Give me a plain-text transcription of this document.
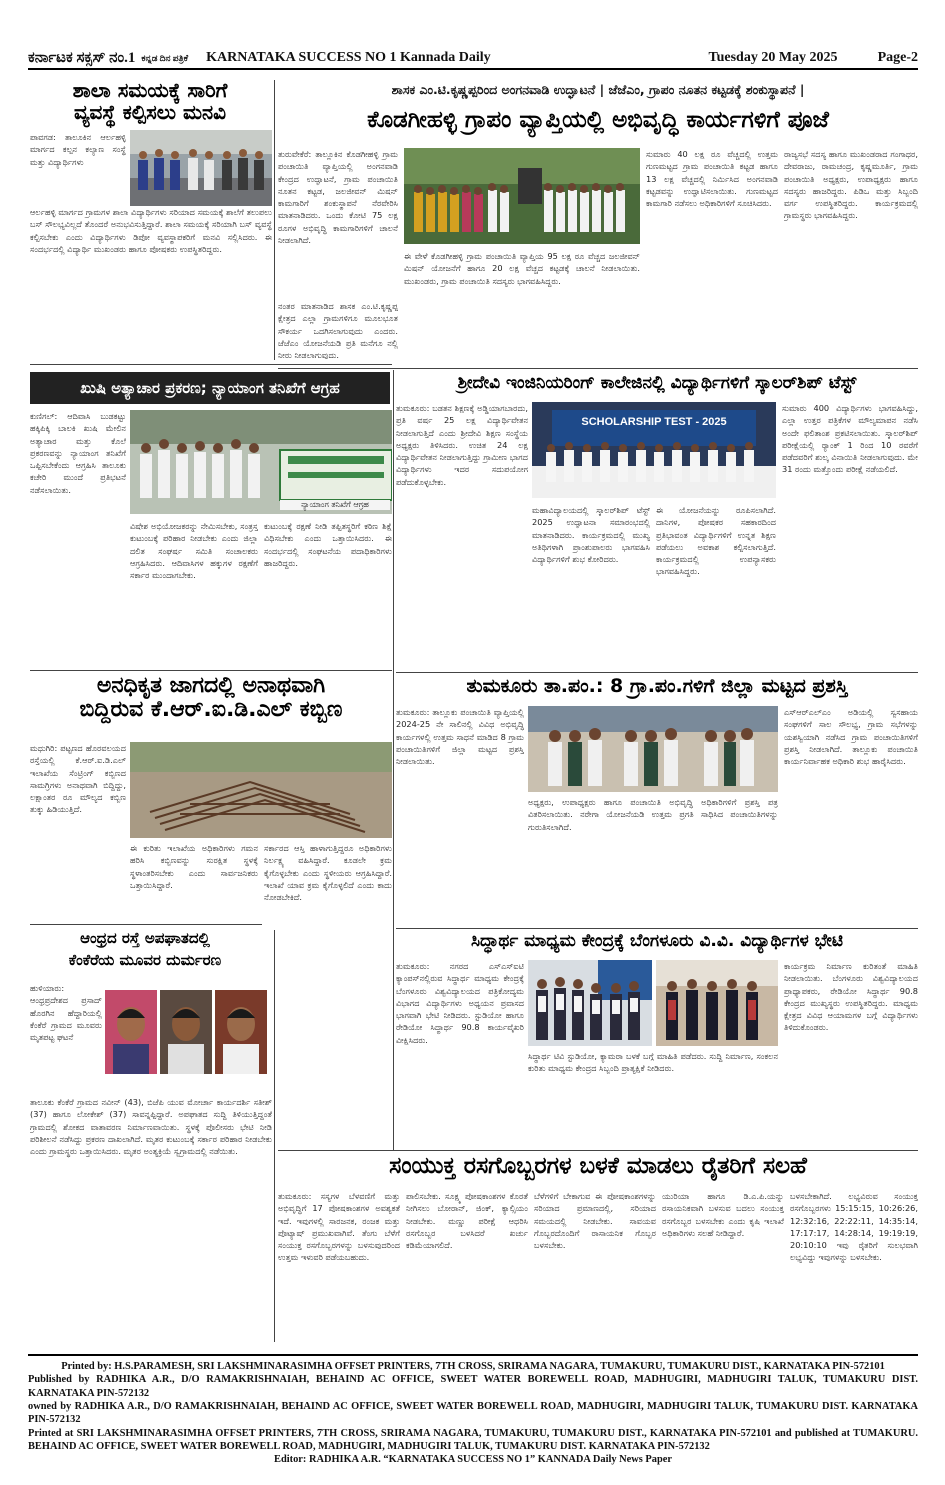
ಕರ್ನಾಟಕ ಸಕ್ಸಸ್ ನಂ.1 ಕನ್ನಡ ದಿನ ಪತ್ರಿಕೆ KARNATAKA SUCCESS NO 1 Kannada Daily	Tuesday 20 May 2025	Page-2
ಶಾಲಾ ಸಮಯಕ್ಕೆ ಸಾರಿಗೆ
ವ್ಯವಸ್ಥೆ ಕಲ್ಪಿಸಲು ಮನವಿ
ಪಾವಗಡ: ತಾಲೂಕಿನ ಆರ್ಲಹಳ್ಳಿ ಮಾರ್ಗದ ಕಲ್ಪನ ಕಲ್ಯಾಣ ಸಂಸ್ಥೆ ಮತ್ತು ವಿದ್ಯಾರ್ಥಿಗಳು
ಆರ್ಲಹಳ್ಳಿ ಮಾರ್ಗದ ಗ್ರಾಮಗಳ ಶಾಲಾ ವಿದ್ಯಾರ್ಥಿಗಳು ಸರಿಯಾದ ಸಮಯಕ್ಕೆ ಶಾಲೆಗೆ ತಲುಪಲು ಬಸ್ ಸೌಲಭ್ಯವಿಲ್ಲದೆ ತೊಂದರೆ ಅನುಭವಿಸುತ್ತಿದ್ದಾರೆ. ಶಾಲಾ ಸಮಯಕ್ಕೆ ಸರಿಯಾಗಿ ಬಸ್ ವ್ಯವಸ್ಥೆ ಕಲ್ಪಿಸಬೇಕು ಎಂದು ವಿದ್ಯಾರ್ಥಿಗಳು ಡಿಪೋ ವ್ಯವಸ್ಥಾಪಕರಿಗೆ ಮನವಿ ಸಲ್ಲಿಸಿದರು. ಈ ಸಂದರ್ಭದಲ್ಲಿ ವಿದ್ಯಾರ್ಥಿ ಮುಖಂಡರು ಹಾಗೂ ಪೋಷಕರು ಉಪಸ್ಥಿತರಿದ್ದರು.
ಖುಷಿ ಅತ್ಯಾಚಾರ ಪ್ರಕರಣ; ನ್ಯಾಯಾಂಗ ತನಿಖೆಗೆ ಆಗ್ರಹ
ಕುಣಿಗಲ್: ಆದಿವಾಸಿ ಬುಡಕಟ್ಟು ಹಕ್ಕಿಪಿಕ್ಕಿ ಬಾಲಕಿ ಖುಷಿ ಮೇಲಿನ ಅತ್ಯಾಚಾರ ಮತ್ತು ಕೊಲೆ ಪ್ರಕರಣವನ್ನು ನ್ಯಾಯಾಂಗ ತನಿಖೆಗೆ ಒಪ್ಪಿಸಬೇಕೆಂದು ಆಗ್ರಹಿಸಿ ತಾಲೂಕು ಕಚೇರಿ ಮುಂದೆ ಪ್ರತಿಭಟನೆ ನಡೆಸಲಾಯಿತು.
ನ್ಯಾಯಾಂಗ ತನಿಖೆಗೆ ಆಗ್ರಹ
ವಿಷೇಶ ಅಭಿಯೋಜಕರನ್ನು ನೇಮಿಸಬೇಕು, ಸಂತ್ರಸ್ತ ಕುಟುಂಬಕ್ಕೆ ಪರಿಹಾರ ನೀಡಬೇಕು ಎಂದು ಜಿಲ್ಲಾ ದಲಿತ ಸಂಘರ್ಷ ಸಮಿತಿ ಸಂಚಾಲಕರು ಆಗ್ರಹಿಸಿದರು. ಆದಿವಾಸಿಗಳ ಹಕ್ಕುಗಳ ರಕ್ಷಣೆಗೆ ಸರ್ಕಾರ ಮುಂದಾಗಬೇಕು.
ಕುಟುಂಬಕ್ಕೆ ರಕ್ಷಣೆ ನೀಡಿ ತಪ್ಪಿತಸ್ಥರಿಗೆ ಕಠಿಣ ಶಿಕ್ಷೆ ವಿಧಿಸಬೇಕು ಎಂದು ಒತ್ತಾಯಿಸಿದರು. ಈ ಸಂದರ್ಭದಲ್ಲಿ ಸಂಘಟನೆಯ ಪದಾಧಿಕಾರಿಗಳು ಹಾಜರಿದ್ದರು.
ಅನಧಿಕೃತ ಜಾಗದಲ್ಲಿ ಅನಾಥವಾಗಿ
ಬಿದ್ದಿರುವ ಕೆ.ಆರ್.ಐ.ಡಿ.ಎಲ್ ಕಬ್ಬಿಣ
ಮಧುಗಿರಿ: ಪಟ್ಟಣದ ಹೊರವಲಯದ ರಸ್ತೆಯಲ್ಲಿ ಕೆ.ಆರ್.ಐ.ಡಿ.ಎಲ್ ಇಲಾಖೆಯ ಸೆಂಟ್ರಿಂಗ್ ಕಬ್ಬಿಣದ ಸಾಮಗ್ರಿಗಳು ಅನಾಥವಾಗಿ ಬಿದ್ದಿದ್ದು, ಲಕ್ಷಾಂತರ ರೂ ಮೌಲ್ಯದ ಕಬ್ಬಿಣ ತುಕ್ಕು ಹಿಡಿಯುತ್ತಿದೆ.
ಈ ಕುರಿತು ಇಲಾಖೆಯ ಅಧಿಕಾರಿಗಳು ಗಮನ ಹರಿಸಿ ಕಬ್ಬಿಣವನ್ನು ಸುರಕ್ಷಿತ ಸ್ಥಳಕ್ಕೆ ಸ್ಥಳಾಂತರಿಸಬೇಕು ಎಂದು ಸಾರ್ವಜನಿಕರು ಒತ್ತಾಯಿಸಿದ್ದಾರೆ.
ಸರ್ಕಾರದ ಆಸ್ತಿ ಹಾಳಾಗುತ್ತಿದ್ದರೂ ಅಧಿಕಾರಿಗಳು ನಿರ್ಲಕ್ಷ್ಯ ವಹಿಸಿದ್ದಾರೆ. ಕೂಡಲೇ ಕ್ರಮ ಕೈಗೊಳ್ಳಬೇಕು ಎಂದು ಸ್ಥಳೀಯರು ಆಗ್ರಹಿಸಿದ್ದಾರೆ. ಇಲಾಖೆ ಯಾವ ಕ್ರಮ ಕೈಗೊಳ್ಳಲಿದೆ ಎಂದು ಕಾದು ನೋಡಬೇಕಿದೆ.
ಆಂಧ್ರದ ರಸ್ತೆ ಅಪಘಾತದಲ್ಲಿ
ಕೆಂಕೆರೆಯ ಮೂವರ ದುರ್ಮರಣ
ಹುಳಿಯಾರು: ಆಂಧ್ರಪ್ರದೇಶದ ಪ್ರಸಾದ್ ಹೊರಗಿನ ಹೆದ್ದಾರಿಯಲ್ಲಿ ಕೆಂಕೆರೆ ಗ್ರಾಮದ ಮೂವರು ಮೃತಪಟ್ಟ ಘಟನೆ
ತಾಲೂಕು ಕೆಂಕೆರೆ ಗ್ರಾಮದ ನವೀನ್ (43), ಬಿಜೆಪಿ ಯುವ ಮೋರ್ಚಾ ಕಾರ್ಯದರ್ಶಿ ಸತೀಶ್ (37) ಹಾಗೂ ಲೋಕೇಶ್ (37) ಸಾವನ್ನಪ್ಪಿದ್ದಾರೆ. ಅಪಘಾತದ ಸುದ್ದಿ ತಿಳಿಯುತ್ತಿದ್ದಂತೆ ಗ್ರಾಮದಲ್ಲಿ ಶೋಕದ ವಾತಾವರಣ ನಿರ್ಮಾಣವಾಯಿತು. ಸ್ಥಳಕ್ಕೆ ಪೊಲೀಸರು ಭೇಟಿ ನೀಡಿ ಪರಿಶೀಲನೆ ನಡೆಸಿದ್ದು ಪ್ರಕರಣ ದಾಖಲಾಗಿದೆ. ಮೃತರ ಕುಟುಂಬಕ್ಕೆ ಸರ್ಕಾರ ಪರಿಹಾರ ನೀಡಬೇಕು ಎಂದು ಗ್ರಾಮಸ್ಥರು ಒತ್ತಾಯಿಸಿದರು. ಮೃತರ ಅಂತ್ಯಕ್ರಿಯೆ ಸ್ವಗ್ರಾಮದಲ್ಲಿ ನಡೆಯಿತು.
ಶಾಸಕ ಎಂ.ಟಿ.ಕೃಷ್ಣಪ್ಪರಿಂದ ಅಂಗನವಾಡಿ ಉದ್ಘಾಟನೆ | ಜೆಜೆಎಂ, ಗ್ರಾಪಂ ನೂತನ ಕಟ್ಟಡಕ್ಕೆ ಶಂಕುಸ್ಥಾಪನೆ |
ಕೊಡಗೀಹಳ್ಳಿ ಗ್ರಾಪಂ ವ್ಯಾಪ್ತಿಯಲ್ಲಿ ಅಭಿವೃದ್ಧಿ ಕಾರ್ಯಗಳಿಗೆ ಪೂಜೆ
ತುರುವೇಕೆರೆ: ತಾಲ್ಲೂಕಿನ ಕೊಡಗೀಹಳ್ಳಿ ಗ್ರಾಮ ಪಂಚಾಯಿತಿ ವ್ಯಾಪ್ತಿಯಲ್ಲಿ ಅಂಗನವಾಡಿ ಕೇಂದ್ರದ ಉದ್ಘಾಟನೆ, ಗ್ರಾಮ ಪಂಚಾಯಿತಿ ನೂತನ ಕಟ್ಟಡ, ಜಲಜೀವನ್ ಮಿಷನ್ ಕಾಮಗಾರಿಗೆ ಶಂಕುಸ್ಥಾಪನೆ ನೆರವೇರಿಸಿ ಮಾತನಾಡಿದರು. ಒಂದು ಕೋಟಿ 75 ಲಕ್ಷ ರೂಗಳ ಅಭಿವೃದ್ಧಿ ಕಾಮಗಾರಿಗಳಿಗೆ ಚಾಲನೆ ನೀಡಲಾಗಿದೆ.
ನಂತರ ಮಾತನಾಡಿದ ಶಾಸಕ ಎಂ.ಟಿ.ಕೃಷ್ಣಪ್ಪ ಕ್ಷೇತ್ರದ ಎಲ್ಲಾ ಗ್ರಾಮಗಳಿಗೂ ಮೂಲಭೂತ ಸೌಕರ್ಯ ಒದಗಿಸಲಾಗುವುದು ಎಂದರು. ಜೆಜೆಎಂ ಯೋಜನೆಯಡಿ ಪ್ರತಿ ಮನೆಗೂ ನಲ್ಲಿ ನೀರು ನೀಡಲಾಗುವುದು.
ಈ ವೇಳೆ ಕೊಡಗೀಹಳ್ಳಿ ಗ್ರಾಮ ಪಂಚಾಯಿತಿ ವ್ಯಾಪ್ತಿಯ 95 ಲಕ್ಷ ರೂ ವೆಚ್ಚದ ಜಲಜೀವನ್ ಮಿಷನ್ ಯೋಜನೆಗೆ ಹಾಗೂ 20 ಲಕ್ಷ ವೆಚ್ಚದ ಕಟ್ಟಡಕ್ಕೆ ಚಾಲನೆ ನೀಡಲಾಯಿತು. ಮುಖಂಡರು, ಗ್ರಾಮ ಪಂಚಾಯಿತಿ ಸದಸ್ಯರು ಭಾಗವಹಿಸಿದ್ದರು.
ಸುಮಾರು 40 ಲಕ್ಷ ರೂ ವೆಚ್ಚದಲ್ಲಿ ಉತ್ತಮ ಗುಣಮಟ್ಟದ ಗ್ರಾಮ ಪಂಚಾಯಿತಿ ಕಟ್ಟಡ ಹಾಗೂ 13 ಲಕ್ಷ ವೆಚ್ಚದಲ್ಲಿ ನಿರ್ಮಿಸಿದ ಅಂಗನವಾಡಿ ಕಟ್ಟಡವನ್ನು ಉದ್ಘಾಟಿಸಲಾಯಿತು. ಗುಣಮಟ್ಟದ ಕಾಮಗಾರಿ ನಡೆಸಲು ಅಧಿಕಾರಿಗಳಿಗೆ ಸೂಚಿಸಿದರು.
ರಾಜ್ಯಸಭೆ ಸದಸ್ಯ ಹಾಗೂ ಮುಖಂಡರಾದ ಗಂಗಾಧರ, ದೇವರಾಜು, ರಾಮಚಂದ್ರ, ಕೃಷ್ಣಮೂರ್ತಿ, ಗ್ರಾಮ ಪಂಚಾಯಿತಿ ಅಧ್ಯಕ್ಷರು, ಉಪಾಧ್ಯಕ್ಷರು ಹಾಗೂ ಸದಸ್ಯರು ಹಾಜರಿದ್ದರು. ಪಿಡಿಒ ಮತ್ತು ಸಿಬ್ಬಂದಿ ವರ್ಗ ಉಪಸ್ಥಿತರಿದ್ದರು. ಕಾರ್ಯಕ್ರಮದಲ್ಲಿ ಗ್ರಾಮಸ್ಥರು ಭಾಗವಹಿಸಿದ್ದರು.
ಶ್ರೀದೇವಿ ಇಂಜಿನಿಯರಿಂಗ್ ಕಾಲೇಜಿನಲ್ಲಿ ವಿದ್ಯಾರ್ಥಿಗಳಿಗೆ ಸ್ಕಾಲರ್‌ಶಿಪ್ ಟೆಸ್ಟ್
ತುಮಕೂರು: ಬಡತನ ಶಿಕ್ಷಣಕ್ಕೆ ಅಡ್ಡಿಯಾಗಬಾರದು, ಪ್ರತಿ ವರ್ಷ 25 ಲಕ್ಷ ವಿದ್ಯಾರ್ಥಿವೇತನ ನೀಡಲಾಗುತ್ತಿದೆ ಎಂದು ಶ್ರೀದೇವಿ ಶಿಕ್ಷಣ ಸಂಸ್ಥೆಯ ಅಧ್ಯಕ್ಷರು ತಿಳಿಸಿದರು. ಉಚಿತ 24 ಲಕ್ಷ ವಿದ್ಯಾರ್ಥಿವೇತನ ನೀಡಲಾಗುತ್ತಿದ್ದು ಗ್ರಾಮೀಣ ಭಾಗದ ವಿದ್ಯಾರ್ಥಿಗಳು ಇದರ ಸದುಪಯೋಗ ಪಡೆದುಕೊಳ್ಳಬೇಕು.
SCHOLARSHIP TEST - 2025
ಮಹಾವಿದ್ಯಾಲಯದಲ್ಲಿ ಸ್ಕಾಲರ್‌ಶಿಪ್ ಟೆಸ್ಟ್ 2025 ಉದ್ಘಾಟನಾ ಸಮಾರಂಭದಲ್ಲಿ ಮಾತನಾಡಿದರು. ಕಾರ್ಯಕ್ರಮದಲ್ಲಿ ಮುಖ್ಯ ಅತಿಥಿಗಳಾಗಿ ಪ್ರಾಂಶುಪಾಲರು ಭಾಗವಹಿಸಿ ವಿದ್ಯಾರ್ಥಿಗಳಿಗೆ ಶುಭ ಕೋರಿದರು.
ಈ ಯೋಜನೆಯನ್ನು ರೂಪಿಸಲಾಗಿದೆ. ದಾನಿಗಳ, ಪೋಷಕರ ಸಹಕಾರದಿಂದ ಪ್ರತಿಭಾವಂತ ವಿದ್ಯಾರ್ಥಿಗಳಿಗೆ ಉನ್ನತ ಶಿಕ್ಷಣ ಪಡೆಯಲು ಅವಕಾಶ ಕಲ್ಪಿಸಲಾಗುತ್ತಿದೆ. ಕಾರ್ಯಕ್ರಮದಲ್ಲಿ ಉಪನ್ಯಾಸಕರು ಭಾಗವಹಿಸಿದ್ದರು.
ಸುಮಾರು 400 ವಿದ್ಯಾರ್ಥಿಗಳು ಭಾಗವಹಿಸಿದ್ದು, ಎಲ್ಲಾ ಉತ್ತರ ಪತ್ರಿಕೆಗಳ ಮೌಲ್ಯಮಾಪನ ನಡೆಸಿ ಅಂದೇ ಫಲಿತಾಂಶ ಪ್ರಕಟಿಸಲಾಯಿತು. ಸ್ಕಾಲರ್‌ಶಿಪ್ ಪರೀಕ್ಷೆಯಲ್ಲಿ ರ‍್ಯಾಂಕ್ 1 ರಿಂದ 10 ರವರೆಗೆ ಪಡೆದವರಿಗೆ ಶುಲ್ಕ ವಿನಾಯಿತಿ ನೀಡಲಾಗುವುದು. ಮೇ 31 ರಂದು ಮತ್ತೊಂದು ಪರೀಕ್ಷೆ ನಡೆಯಲಿದೆ.
ತುಮಕೂರು ತಾ.ಪಂ.: 8 ಗ್ರಾ.ಪಂ.ಗಳಿಗೆ ಜಿಲ್ಲಾ ಮಟ್ಟದ ಪ್ರಶಸ್ತಿ
ತುಮಕೂರು: ತಾಲ್ಲೂಕು ಪಂಚಾಯಿತಿ ವ್ಯಾಪ್ತಿಯಲ್ಲಿ 2024-25 ನೇ ಸಾಲಿನಲ್ಲಿ ವಿವಿಧ ಅಭಿವೃದ್ಧಿ ಕಾರ್ಯಗಳಲ್ಲಿ ಉತ್ತಮ ಸಾಧನೆ ಮಾಡಿದ 8 ಗ್ರಾಮ ಪಂಚಾಯಿತಿಗಳಿಗೆ ಜಿಲ್ಲಾ ಮಟ್ಟದ ಪ್ರಶಸ್ತಿ ನೀಡಲಾಯಿತು.
ಅಧ್ಯಕ್ಷರು, ಉಪಾಧ್ಯಕ್ಷರು ಹಾಗೂ ಪಂಚಾಯಿತಿ ಅಭಿವೃದ್ಧಿ ಅಧಿಕಾರಿಗಳಿಗೆ ಪ್ರಶಸ್ತಿ ಪತ್ರ ವಿತರಿಸಲಾಯಿತು. ನರೇಗಾ ಯೋಜನೆಯಡಿ ಉತ್ತಮ ಪ್ರಗತಿ ಸಾಧಿಸಿದ ಪಂಚಾಯಿತಿಗಳನ್ನು ಗುರುತಿಸಲಾಗಿದೆ.
ಎಸ್‌ಆರ್‌ಎಲ್‌ಎಂ ಅಡಿಯಲ್ಲಿ ಸ್ವಸಹಾಯ ಸಂಘಗಳಿಗೆ ಸಾಲ ಸೌಲಭ್ಯ, ಗ್ರಾಮ ಸಭೆಗಳನ್ನು ಯಶಸ್ವಿಯಾಗಿ ನಡೆಸಿದ ಗ್ರಾಮ ಪಂಚಾಯಿತಿಗಳಿಗೆ ಪ್ರಶಸ್ತಿ ನೀಡಲಾಗಿದೆ. ತಾಲ್ಲೂಕು ಪಂಚಾಯಿತಿ ಕಾರ್ಯನಿರ್ವಾಹಕ ಅಧಿಕಾರಿ ಶುಭ ಹಾರೈಸಿದರು.
ಸಿದ್ಧಾರ್ಥ ಮಾಧ್ಯಮ ಕೇಂದ್ರಕ್ಕೆ ಬೆಂಗಳೂರು ವಿ.ವಿ. ವಿದ್ಯಾರ್ಥಿಗಳ ಭೇಟಿ
ತುಮಕೂರು: ನಗರದ ಎಸ್‌ಎಸ್‌ಐಟಿ ಕ್ಯಾಂಪಸ್‌ನಲ್ಲಿರುವ ಸಿದ್ಧಾರ್ಥ ಮಾಧ್ಯಮ ಕೇಂದ್ರಕ್ಕೆ ಬೆಂಗಳೂರು ವಿಶ್ವವಿದ್ಯಾಲಯದ ಪತ್ರಿಕೋದ್ಯಮ ವಿಭಾಗದ ವಿದ್ಯಾರ್ಥಿಗಳು ಅಧ್ಯಯನ ಪ್ರವಾಸದ ಭಾಗವಾಗಿ ಭೇಟಿ ನೀಡಿದರು. ಸ್ಟುಡಿಯೋ ಹಾಗೂ ರೇಡಿಯೋ ಸಿದ್ಧಾರ್ಥ 90.8 ಕಾರ್ಯವೈಖರಿ ವೀಕ್ಷಿಸಿದರು.
ಸಿದ್ಧಾರ್ಥ ಟಿವಿ ಸ್ಟುಡಿಯೋ, ಕ್ಯಾಮರಾ ಬಳಕೆ ಬಗ್ಗೆ ಮಾಹಿತಿ ಪಡೆದರು. ಸುದ್ದಿ ನಿರ್ಮಾಣ, ಸಂಕಲನ ಕುರಿತು ಮಾಧ್ಯಮ ಕೇಂದ್ರದ ಸಿಬ್ಬಂದಿ ಪ್ರಾತ್ಯಕ್ಷಿಕೆ ನೀಡಿದರು.
ಕಾರ್ಯಕ್ರಮ ನಿರ್ಮಾಣ ಕುರಿತಂತೆ ಮಾಹಿತಿ ನೀಡಲಾಯಿತು. ಬೆಂಗಳೂರು ವಿಶ್ವವಿದ್ಯಾಲಯದ ಪ್ರಾಧ್ಯಾಪಕರು, ರೇಡಿಯೋ ಸಿದ್ಧಾರ್ಥ 90.8 ಕೇಂದ್ರದ ಮುಖ್ಯಸ್ಥರು ಉಪಸ್ಥಿತರಿದ್ದರು. ಮಾಧ್ಯಮ ಕ್ಷೇತ್ರದ ವಿವಿಧ ಆಯಾಮಗಳ ಬಗ್ಗೆ ವಿದ್ಯಾರ್ಥಿಗಳು ತಿಳಿದುಕೊಂಡರು.
ಸಂಯುಕ್ತ ರಸಗೊಬ್ಬರಗಳ ಬಳಕೆ ಮಾಡಲು ರೈತರಿಗೆ ಸಲಹೆ
ತುಮಕೂರು: ಸಸ್ಯಗಳ ಬೆಳವಣಿಗೆ ಮತ್ತು ಅಭಿವೃದ್ಧಿಗೆ 17 ಪೋಷಕಾಂಶಗಳ ಅವಶ್ಯಕತೆ ಇದೆ. ಇವುಗಳಲ್ಲಿ ಸಾರಜನಕ, ರಂಜಕ ಮತ್ತು ಪೊಟ್ಯಾಷ್ ಪ್ರಮುಖವಾಗಿವೆ. ತೆಂಗು ಬೆಳೆಗೆ ಸಂಯುಕ್ತ ರಸಗೊಬ್ಬರಗಳನ್ನು ಬಳಸುವುದರಿಂದ ಉತ್ತಮ ಇಳುವರಿ ಪಡೆಯಬಹುದು.
ಪಾಲಿಸಬೇಕು. ಸೂಕ್ಷ್ಮ ಪೋಷಕಾಂಶಗಳ ಕೊರತೆ ನೀಗಿಸಲು ಬೋರಾನ್, ಜಿಂಕ್, ಕ್ಯಾಲ್ಸಿಯಂ ನೀಡಬೇಕು. ಮಣ್ಣು ಪರೀಕ್ಷೆ ಆಧರಿಸಿ ರಸಗೊಬ್ಬರ ಬಳಸಿದರೆ ಖರ್ಚು ಕಡಿಮೆಯಾಗಲಿದೆ.
ಬೆಳೆಗಳಿಗೆ ಬೇಕಾಗುವ ಈ ಪೋಷಕಾಂಶಗಳನ್ನು ಸರಿಯಾದ ಪ್ರಮಾಣದಲ್ಲಿ, ಸರಿಯಾದ ಸಮಯದಲ್ಲಿ ನೀಡಬೇಕು. ಸಾವಯವ ಗೊಬ್ಬರದೊಂದಿಗೆ ರಾಸಾಯನಿಕ ಗೊಬ್ಬರ ಬಳಸಬೇಕು.
ಯುರಿಯಾ ಹಾಗೂ ಡಿ.ಎ.ಪಿ.ಯನ್ನು ರಸಾಯನಿಕವಾಗಿ ಬಳಸುವ ಬದಲು ಸಂಯುಕ್ತ ರಸಗೊಬ್ಬರ ಬಳಸಬೇಕು ಎಂದು ಕೃಷಿ ಇಲಾಖೆ ಅಧಿಕಾರಿಗಳು ಸಲಹೆ ನೀಡಿದ್ದಾರೆ.
ಬಳಸಬೇಕಾಗಿದೆ. ಲಭ್ಯವಿರುವ ಸಂಯುಕ್ತ ರಸಗೊಬ್ಬರಗಳು 15:15:15, 10:26:26, 12:32:16, 22:22:11, 14:35:14, 17:17:17, 14:28:14, 19:19:19, 20:10:10 ಇವು ರೈತರಿಗೆ ಸುಲಭವಾಗಿ ಲಭ್ಯವಿದ್ದು ಇವುಗಳನ್ನು ಬಳಸಬೇಕು.
Printed by: H.S.PARAMESH, SRI LAKSHMINARASIMHA OFFSET PRINTERS, 7TH CROSS, SRIRAMA NAGARA, TUMAKURU, TUMAKURU DIST., KARNATAKA PIN-572101
Published by RADHIKA A.R., D/O RAMAKRISHNAIAH, BEHAIND AC OFFICE, SWEET WATER BOREWELL ROAD, MADHUGIRI, MADHUGIRI TALUK, TUMAKURU DIST. KARNATAKA PIN-572132
owned by RADHIKA A.R., D/O RAMAKRISHNAIAH, BEHAIND AC OFFICE, SWEET WATER BOREWELL ROAD, MADHUGIRI, MADHUGIRI TALUK, TUMAKURU DIST. KARNATAKA PIN-572132
Printed at SRI LAKSHMINARASIMHA OFFSET PRINTERS, 7TH CROSS, SRIRAMA NAGARA, TUMAKURU, TUMAKURU DIST., KARNATAKA PIN-572101 and published at TUMAKURU. BEHAIND AC OFFICE, SWEET WATER BOREWELL ROAD, MADHUGIRI, MADHUGIRI TALUK, TUMAKURU DIST. KARNATAKA PIN-572132
Editor: RADHIKA A.R. “KARNATAKA SUCCESS NO 1” KANNADA Daily News Paper
